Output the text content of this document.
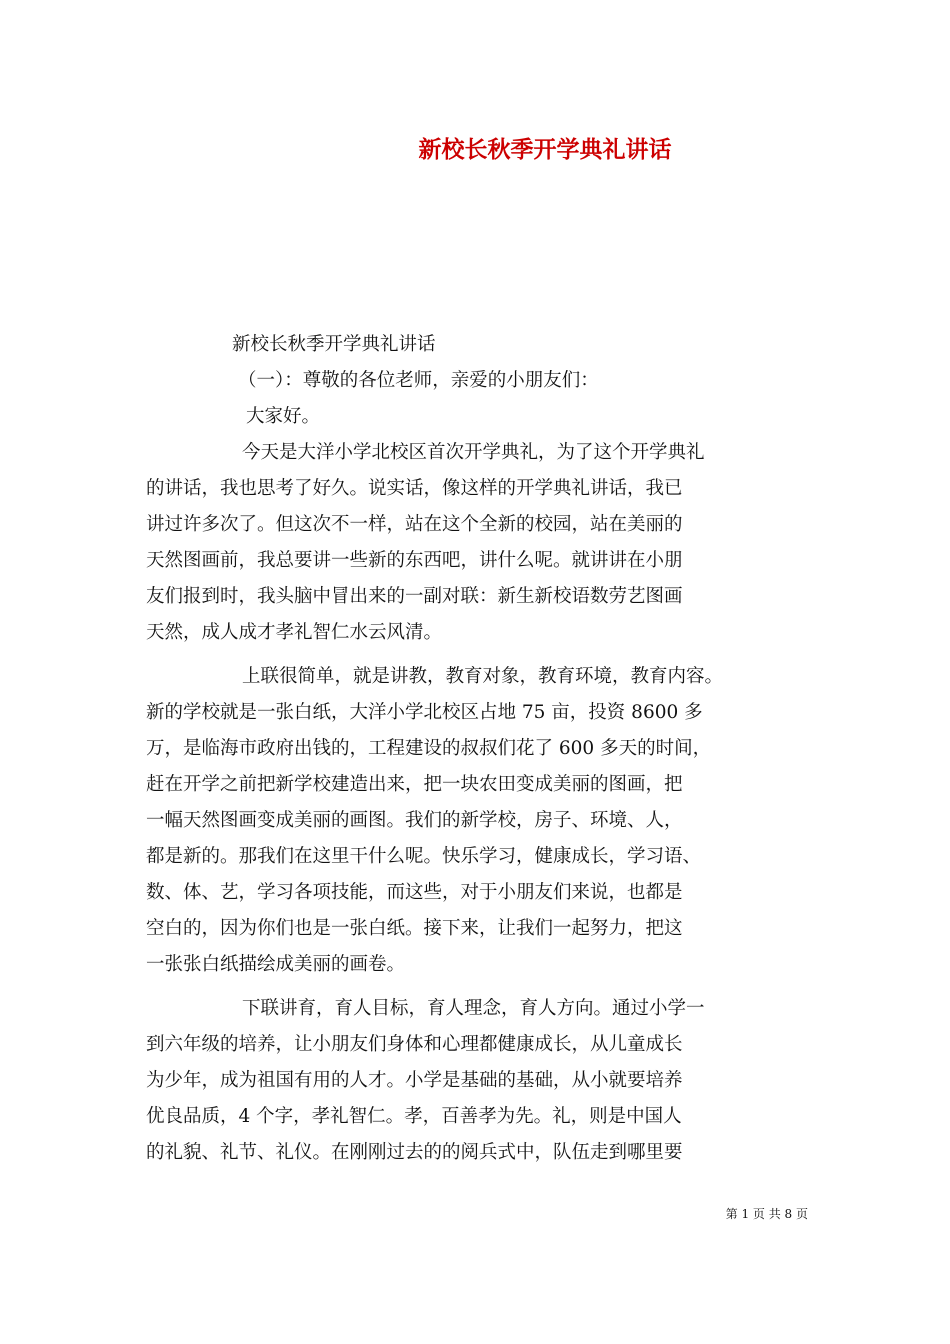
新校长秋季开学典礼讲话
新校长秋季开学典礼讲话
（一）：尊敬的各位老师，亲爱的小朋友们：
大家好。
今天是大洋小学北校区首次开学典礼，为了这个开学典礼
的讲话，我也思考了好久。说实话，像这样的开学典礼讲话，我已
讲过许多次了。但这次不一样，站在这个全新的校园，站在美丽的
天然图画前，我总要讲一些新的东西吧，讲什么呢。就讲讲在小朋
友们报到时，我头脑中冒出来的一副对联：新生新校语数劳艺图画
天然，成人成才孝礼智仁水云风清。
上联很简单，就是讲教，教育对象，教育环境，教育内容。
新的学校就是一张白纸，大洋小学北校区占地 75 亩，投资 8600 多
万，是临海市政府出钱的，工程建设的叔叔们花了 600 多天的时间，
赶在开学之前把新学校建造出来，把一块农田变成美丽的图画，把
一幅天然图画变成美丽的画图。我们的新学校，房子、环境、人，
都是新的。那我们在这里干什么呢。快乐学习，健康成长，学习语、
数、体、艺，学习各项技能，而这些，对于小朋友们来说，也都是
空白的，因为你们也是一张白纸。接下来，让我们一起努力，把这
一张张白纸描绘成美丽的画卷。
下联讲育，育人目标，育人理念，育人方向。通过小学一
到六年级的培养，让小朋友们身体和心理都健康成长，从儿童成长
为少年，成为祖国有用的人才。小学是基础的基础，从小就要培养
优良品质，4 个字，孝礼智仁。孝，百善孝为先。礼，则是中国人
的礼貌、礼节、礼仪。在刚刚过去的的阅兵式中，队伍走到哪里要
第 1 页 共 8 页
